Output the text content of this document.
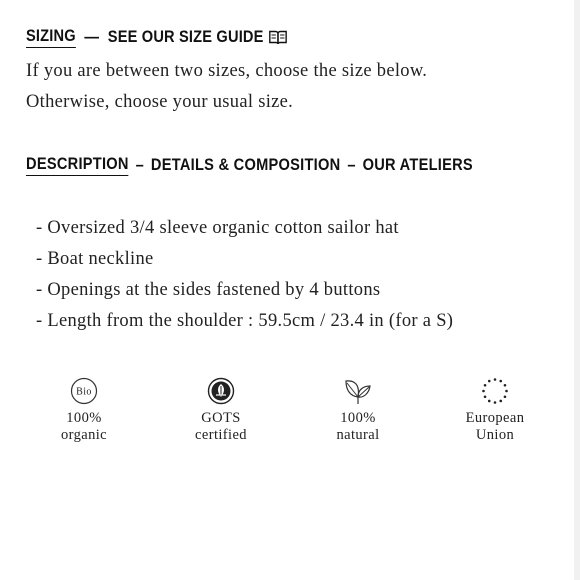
SIZING — SEE OUR SIZE GUIDE

If you are between two sizes, choose the size below.

Otherwise, choose your usual size.

DESCRIPTION – DETAILS & COMPOSITION – OUR ATELIERS
- Oversized 3/4 sleeve organic cotton sailor hat
- Boat neckline
- Openings at the sides fastened by 4 buttons
- Length from the shoulder : 59.5cm / 23.4 in (for a S)
Bio

100%

organic

GOTS

certified

100%

natural

European

Union
